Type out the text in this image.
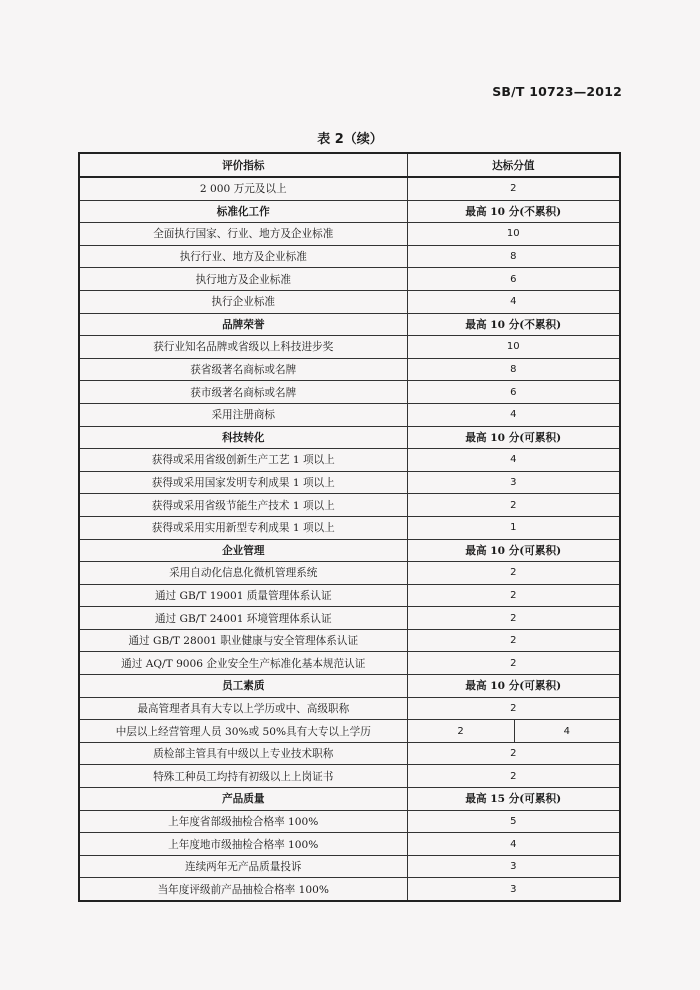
SB/T 10723—2012
表 2（续）
评价指标	达标分值	
2 000 万元及以上	2	
标准化工作	最高 10 分(不累积)	
全面执行国家、行业、地方及企业标准	10	
执行行业、地方及企业标准	8	
执行地方及企业标准	6	
执行企业标准	4	
品牌荣誉	最高 10 分(不累积)	
获行业知名品牌或省级以上科技进步奖	10	
获省级著名商标或名牌	8	
获市级著名商标或名牌	6	
采用注册商标	4	
科技转化	最高 10 分(可累积)	
获得或采用省级创新生产工艺 1 项以上	4	
获得或采用国家发明专利成果 1 项以上	3	
获得或采用省级节能生产技术 1 项以上	2	
获得或采用实用新型专利成果 1 项以上	1	
企业管理	最高 10 分(可累积)	
采用自动化信息化微机管理系统	2	
通过 GB/T 19001 质量管理体系认证	2	
通过 GB/T 24001 环境管理体系认证	2	
通过 GB/T 28001 职业健康与安全管理体系认证	2	
通过 AQ/T 9006 企业安全生产标准化基本规范认证	2	
员工素质	最高 10 分(可累积)	
最高管理者具有大专以上学历或中、高级职称	2	
中层以上经营管理人员 30%或 50%具有大专以上学历	2	4
质检部主管具有中级以上专业技术职称	2	
特殊工种员工均持有初级以上上岗证书	2	
产品质量	最高 15 分(可累积)	
上年度省部级抽检合格率 100%	5	
上年度地市级抽检合格率 100%	4	
连续两年无产品质量投诉	3	
当年度评级前产品抽检合格率 100%	3	
